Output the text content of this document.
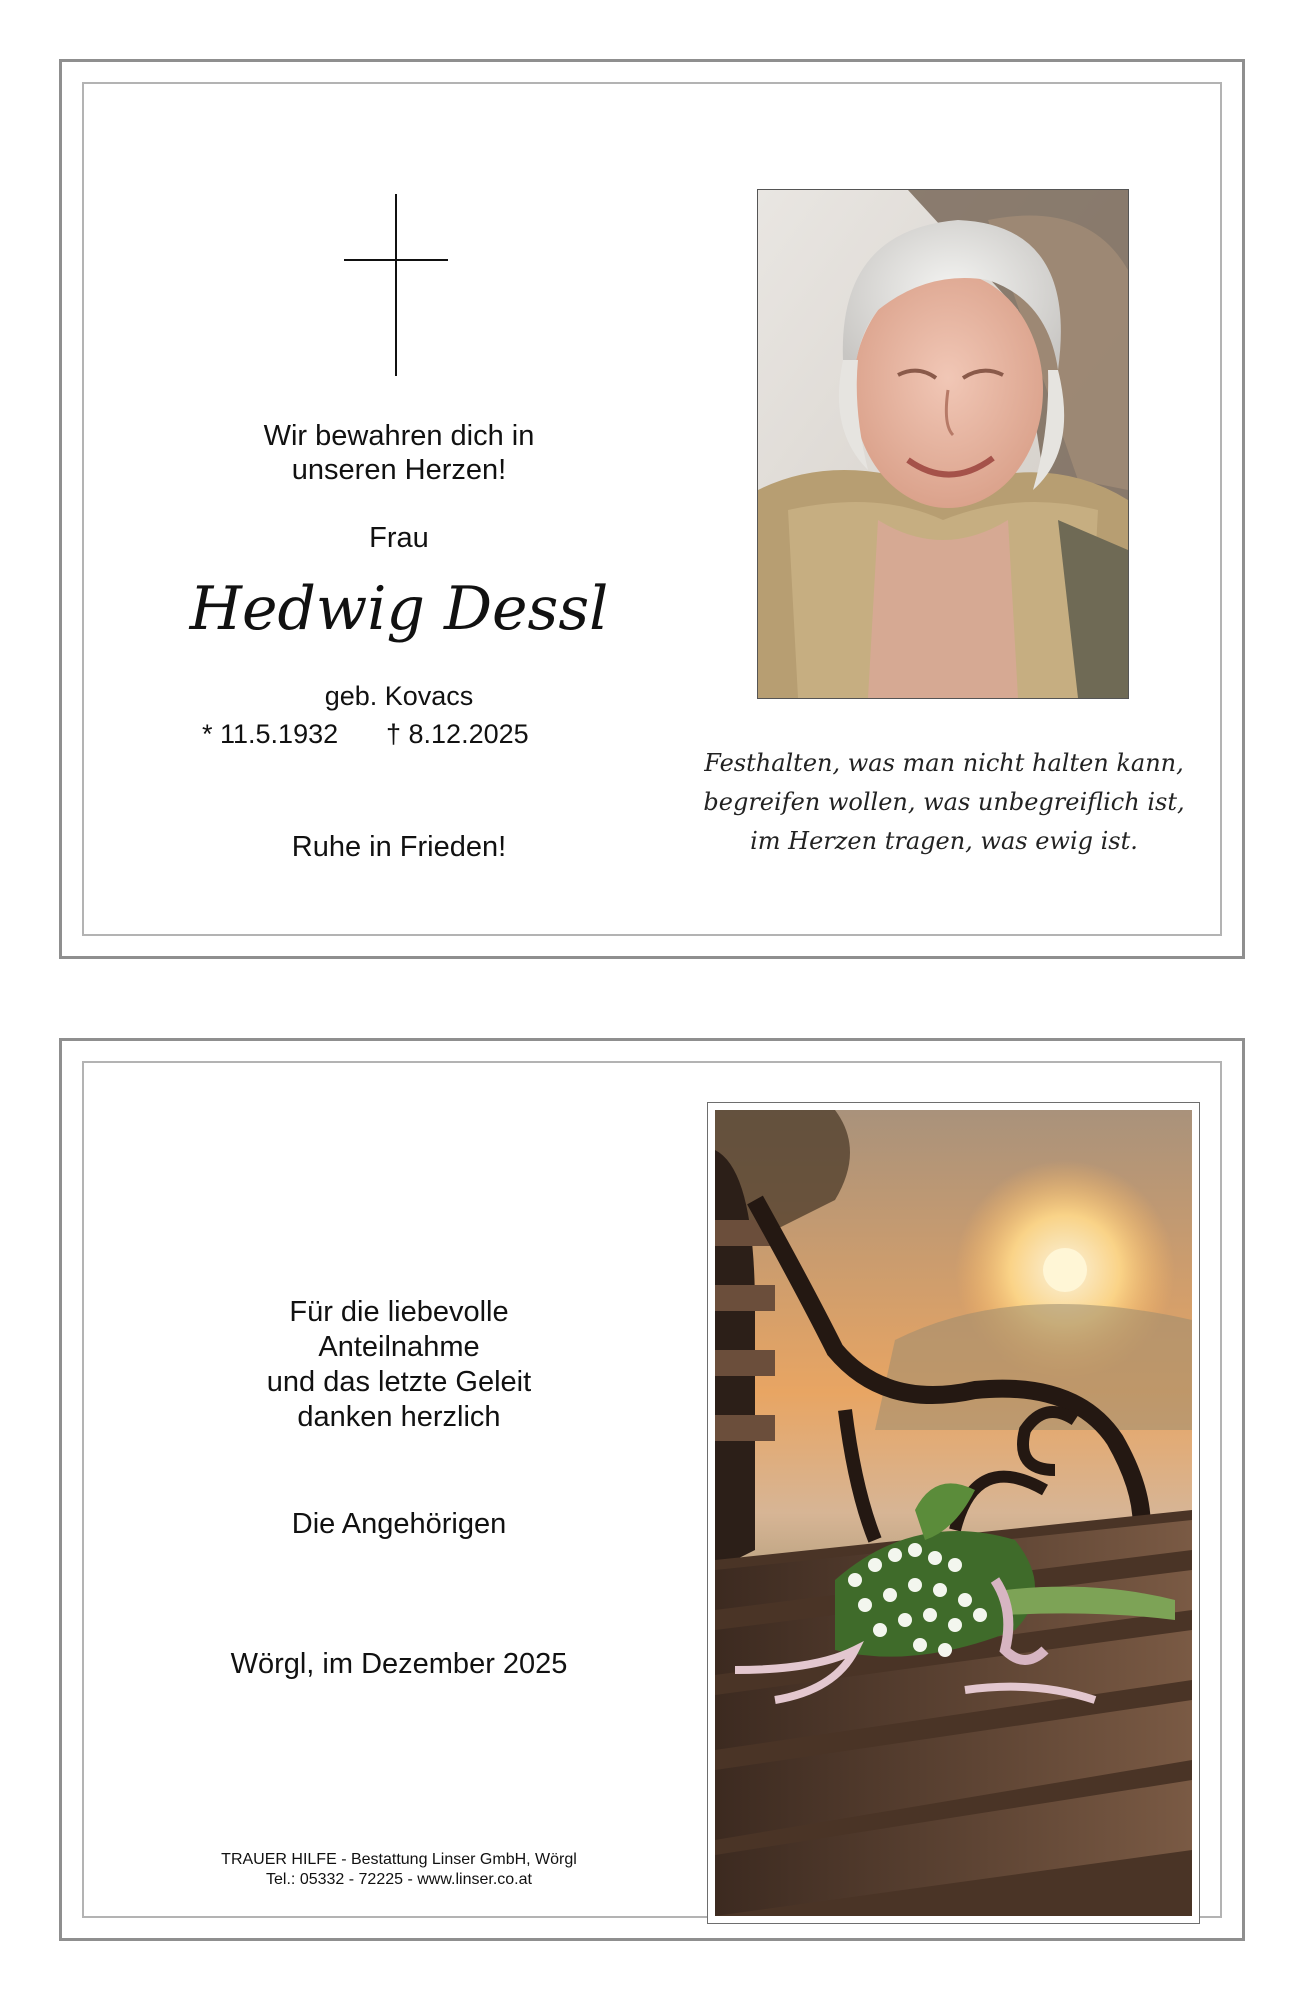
Wir bewahren dich in
unseren Herzen!
Frau
Hedwig Dessl
geb. Kovacs
* 11.5.1932 † 8.12.2025
Ruhe in Frieden!
Festhalten, was man nicht halten kann,
begreifen wollen, was unbegreiflich ist,
im Herzen tragen, was ewig ist.
Für die liebevolle
Anteilnahme
und das letzte Geleit
danken herzlich
Die Angehörigen
Wörgl, im Dezember 2025
TRAUER HILFE - Bestattung Linser GmbH, Wörgl
Tel.: 05332 - 72225 - www.linser.co.at
